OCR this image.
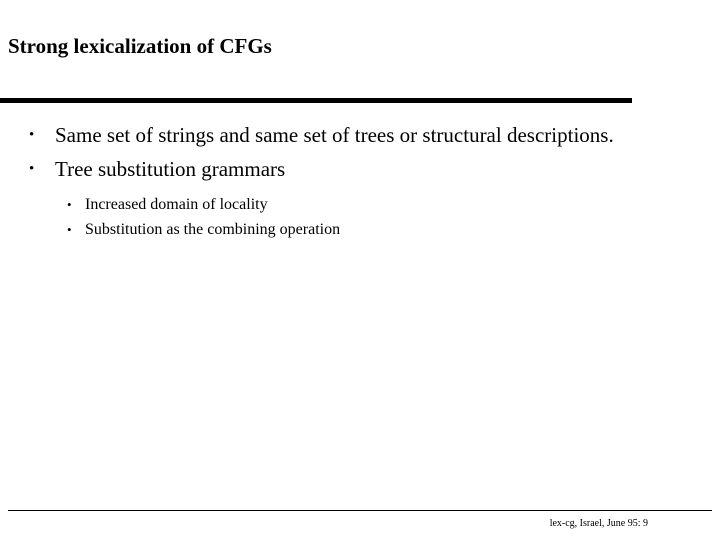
Strong lexicalization of CFGs
• Same set of strings and same set of trees or structural descriptions.
• Tree substitution grammars
• Increased domain of locality
• Substitution as the combining operation
lex-cg, Israel, June 95: 9
